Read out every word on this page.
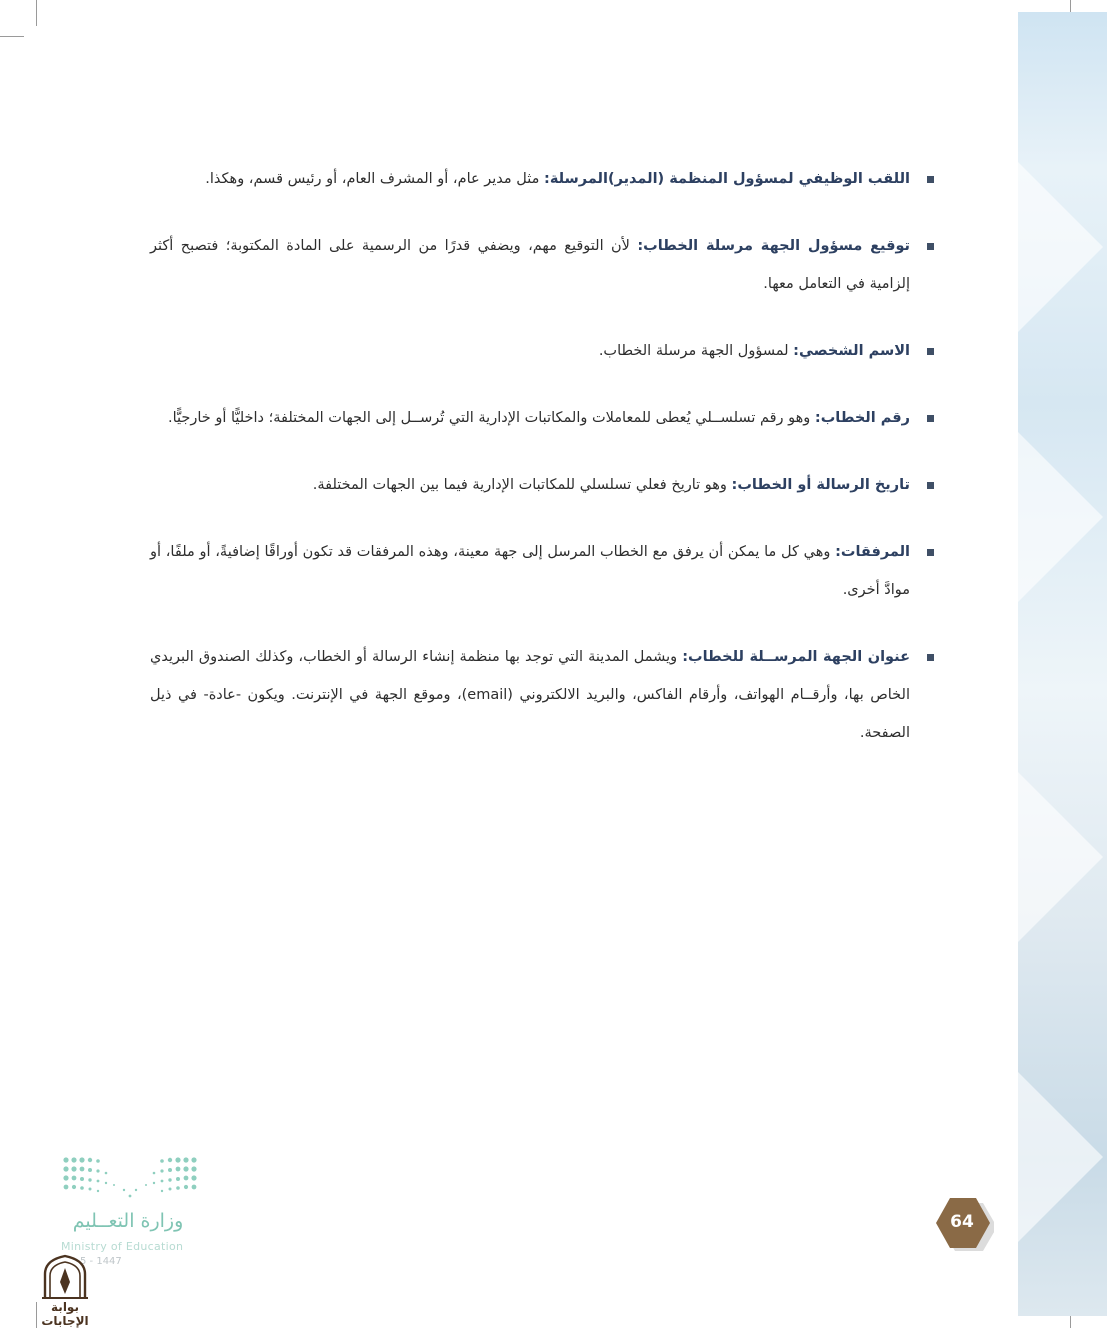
اللقب الوظيفي لمسؤول المنظمة (المدير)المرسلة: مثل مدير عام، أو المشرف العام، أو رئيس قسم، وهكذا.
توقيع مسؤول الجهة مرسلة الخطاب: لأن التوقيع مهم، ويضفي قدرًا من الرسمية على المادة المكتوبة؛ فتصبح أكثر إلزامية في التعامل معها.
الاسم الشخصي: لمسؤول الجهة مرسلة الخطاب.
رقم الخطاب: وهو رقم تسلســلي يُعطى للمعاملات والمكاتبات الإدارية التي تُرســل إلى الجهات المختلفة؛ داخليًّا أو خارجيًّا.
تاريخ الرسالة أو الخطاب: وهو تاريخ فعلي تسلسلي للمكاتبات الإدارية فيما بين الجهات المختلفة.
المرفقات: وهي كل ما يمكن أن يرفق مع الخطاب المرسل إلى جهة معينة، وهذه المرفقات قد تكون أوراقًا إضافيةً، أو ملفًا، أو موادَّ أخرى.
عنوان الجهة المرســلة للخطاب: ويشمل المدينة التي توجد بها منظمة إنشاء الرسالة أو الخطاب، وكذلك الصندوق البريدي الخاص بها، وأرقــام الهواتف، وأرقام الفاكس، والبريد الالكتروني (email)، وموقع الجهة في الإنترنت. ويكون -عادة- في ذيل الصفحة.
وزارة التعــليم
Ministry of Education
5 - 1447
بوابة الإجابات
64
